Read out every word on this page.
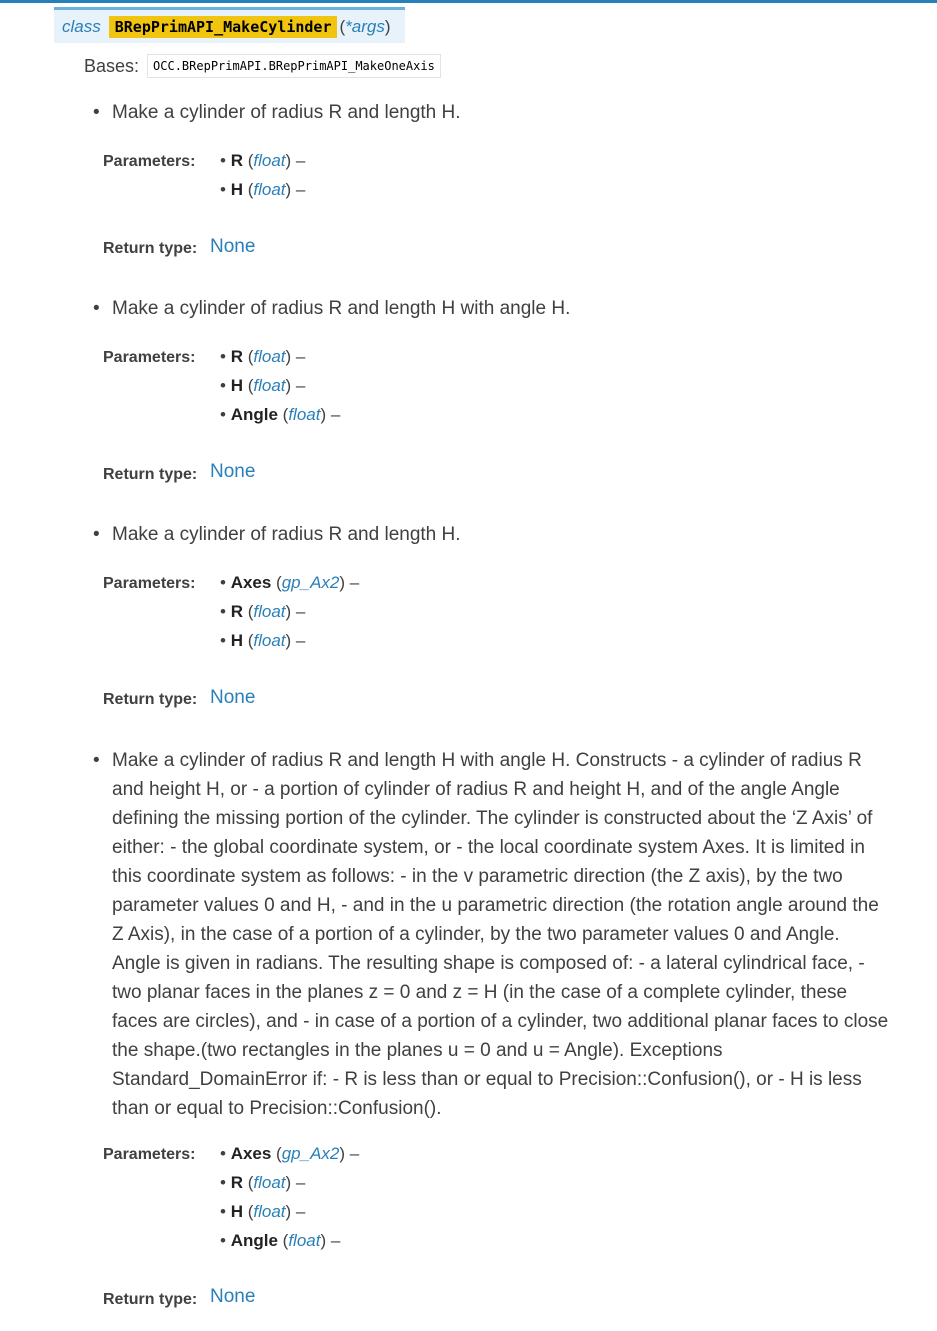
class BRepPrimAPI_MakeCylinder ( *args )
Bases:	OCC.BRepPrimAPI.BRepPrimAPI_MakeOneAxis
• Make a cylinder of radius R and length H.
Parameters: • R (float) –
• H (float) –
Return type: None
• Make a cylinder of radius R and length H with angle H.
Parameters: • R (float) –
• H (float) –
• Angle (float) –
Return type: None
• Make a cylinder of radius R and length H.
Parameters: • Axes (gp_Ax2) –
• R (float) –
• H (float) –
Return type: None
• Make a cylinder of radius R and length H with angle H. Constructs - a cylinder of radius R and height H, or - a portion of cylinder of radius R and height H, and of the angle Angle defining the missing portion of the cylinder. The cylinder is constructed about the ‘Z Axis’ of either: - the global coordinate system, or - the local coordinate system Axes. It is limited in this coordinate system as follows: - in the v parametric direction (the Z axis), by the two parameter values 0 and H, - and in the u parametric direction (the rotation angle around the Z Axis), in the case of a portion of a cylinder, by the two parameter values 0 and Angle. Angle is given in radians. The resulting shape is composed of: - a lateral cylindrical face, - two planar faces in the planes z = 0 and z = H (in the case of a complete cylinder, these faces are circles), and - in case of a portion of a cylinder, two additional planar faces to close the shape.(two rectangles in the planes u = 0 and u = Angle). Exceptions Standard_DomainError if: - R is less than or equal to Precision::Confusion(), or - H is less than or equal to Precision::Confusion().
Parameters: • Axes (gp_Ax2) –
• R (float) –
• H (float) –
• Angle (float) –
Return type: None
